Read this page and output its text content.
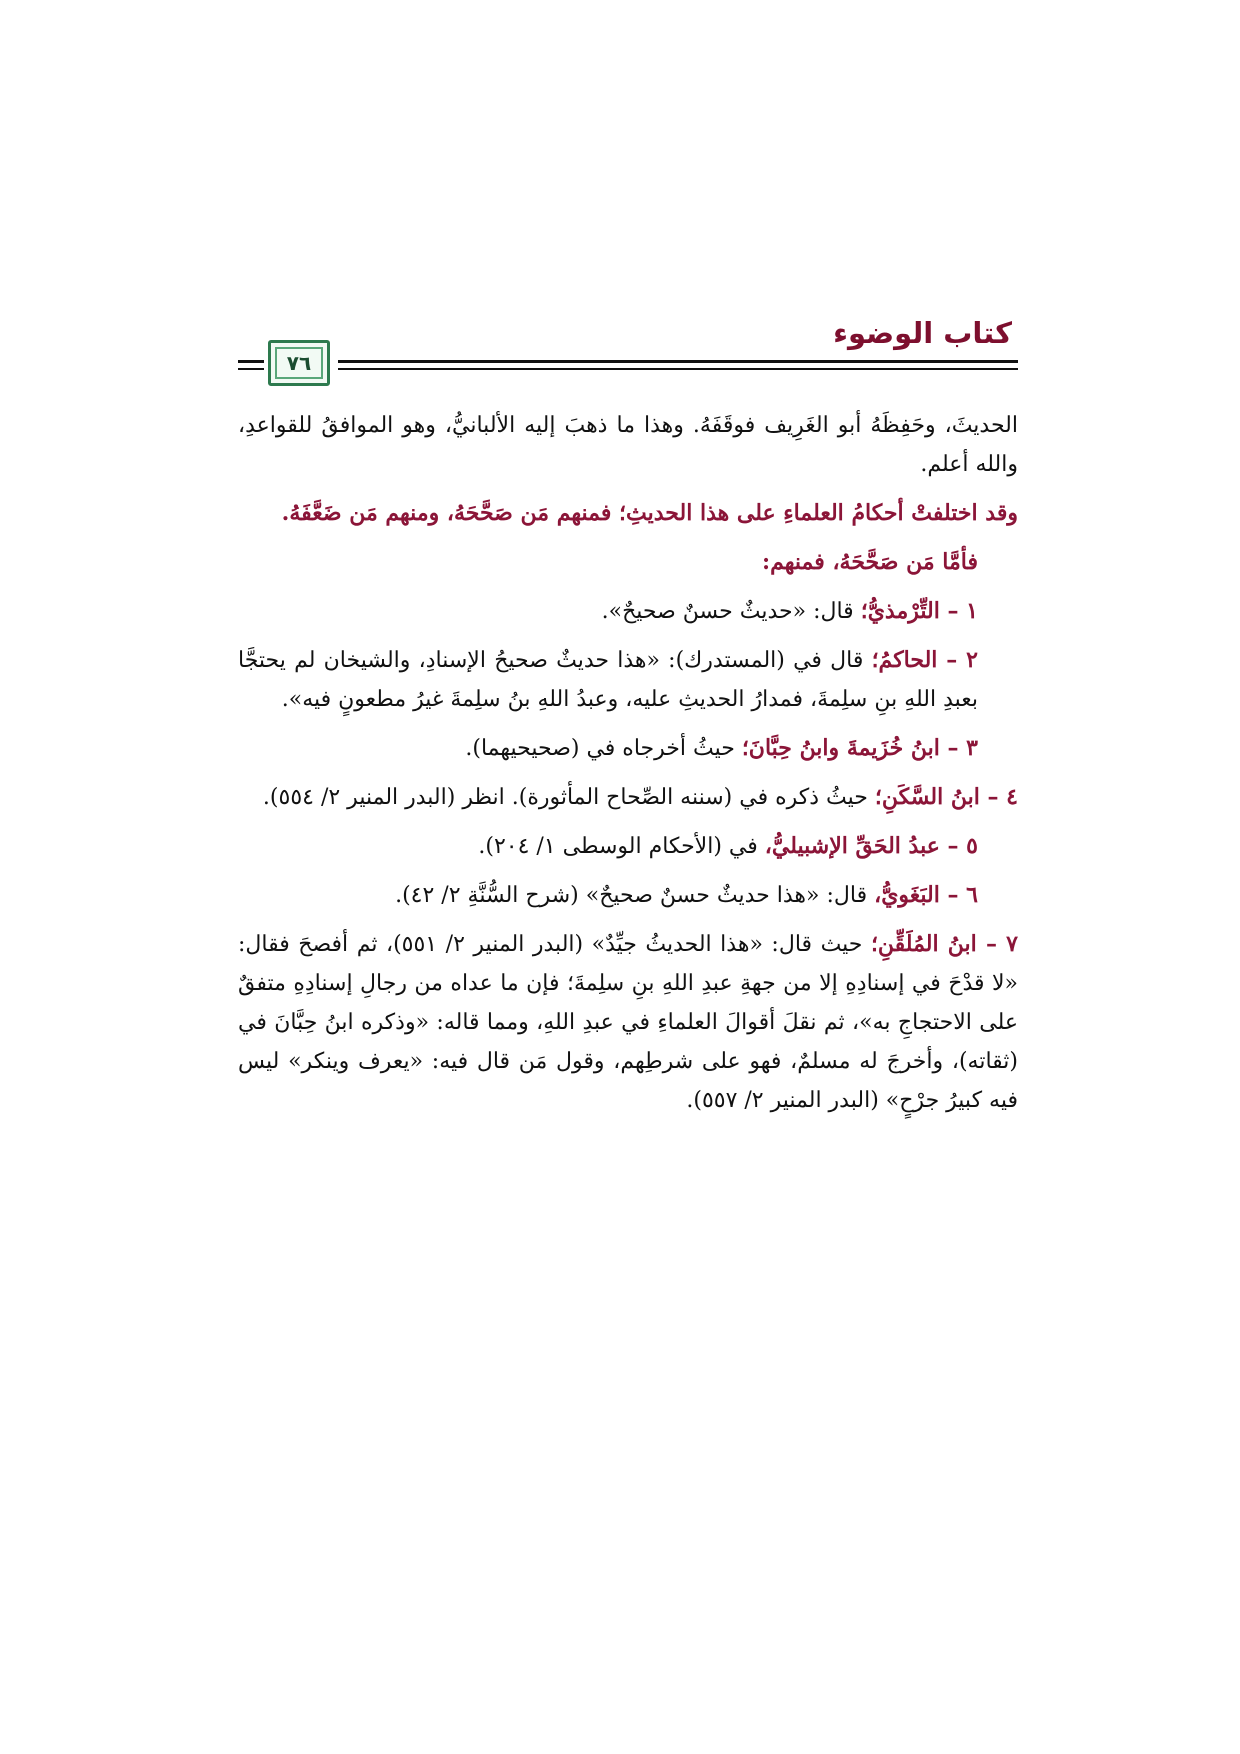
كتاب الوضوء
٧٦

الحديثَ، وحَفِظَهُ أبو الغَرِيف فوقَفَهُ. وهذا ما ذهبَ إليه الألبانيُّ، وهو الموافقُ للقواعدِ، والله أعلم.

وقد اختلفتْ أحكامُ العلماءِ على هذا الحديثِ؛ فمنهم مَن صَحَّحَهُ، ومنهم مَن ضَعَّفَهُ.

فأمَّا مَن صَحَّحَهُ، فمنهم:

١ – التِّرْمذيُّ؛ قال: «حديثٌ حسنٌ صحيحٌ».

٢ – الحاكمُ؛ قال في (المستدرك): «هذا حديثٌ صحيحُ الإسنادِ، والشيخان لم يحتجَّا بعبدِ اللهِ بنِ سلِمةَ، فمدارُ الحديثِ عليه، وعبدُ اللهِ بنُ سلِمةَ غيرُ مطعونٍ فيه».

٣ – ابنُ خُزَيمةَ وابنُ حِبَّانَ؛ حيثُ أخرجاه في (صحيحيهما).

٤ – ابنُ السَّكَنِ؛ حيثُ ذكره في (سننه الصِّحاح المأثورة). انظر (البدر المنير ٢/ ٥٥٤).

٥ – عبدُ الحَقِّ الإشبيليُّ، في (الأحكام الوسطى ١/ ٢٠٤).

٦ – البَغَويُّ، قال: «هذا حديثٌ حسنٌ صحيحٌ» (شرح السُّنَّةِ ٢/ ٤٢).

٧ – ابنُ المُلَقِّنِ؛ حيث قال: «هذا الحديثُ جيِّدٌ» (البدر المنير ٢/ ٥٥١)، ثم أفصحَ فقال: «لا قدْحَ في إسنادِهِ إلا من جهةِ عبدِ اللهِ بنِ سلِمةَ؛ فإن ما عداه من رجالِ إسنادِهِ متفقٌ على الاحتجاجِ به»، ثم نقلَ أقوالَ العلماءِ في عبدِ اللهِ، ومما قاله: «وذكره ابنُ حِبَّانَ في (ثقاته)، وأخرجَ له مسلمٌ، فهو على شرطِهم، وقول مَن قال فيه: «يعرف وينكر» ليس فيه كبيرُ جرْحٍ» (البدر المنير ٢/ ٥٥٧).
